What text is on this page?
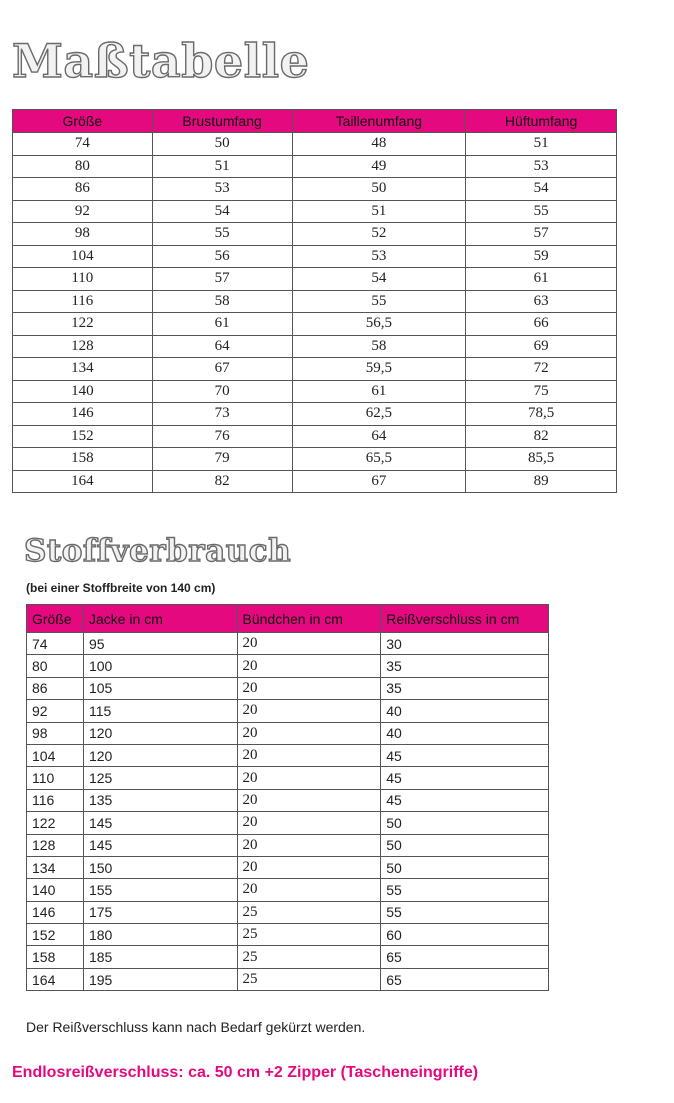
Maßtabelle
Größe	Brustumfang	Taillenumfang	Hüftumfang
74	50	48	51
80	51	49	53
86	53	50	54
92	54	51	55
98	55	52	57
104	56	53	59
110	57	54	61
116	58	55	63
122	61	56,5	66
128	64	58	69
134	67	59,5	72
140	70	61	75
146	73	62,5	78,5
152	76	64	82
158	79	65,5	85,5
164	82	67	89
Stoffverbrauch

(bei einer Stoffbreite von 140 cm)

Größe	Jacke in cm	Bündchen in cm	Reißverschluss in cm
74	95	20	30
80	100	20	35
86	105	20	35
92	115	20	40
98	120	20	40
104	120	20	45
110	125	20	45
116	135	20	45
122	145	20	50
128	145	20	50
134	150	20	50
140	155	20	55
146	175	25	55
152	180	25	60
158	185	25	65
164	195	25	65

Der Reißverschluss kann nach Bedarf gekürzt werden.

Endlosreißverschluss: ca. 50 cm +2 Zipper (Tascheneingriffe)
